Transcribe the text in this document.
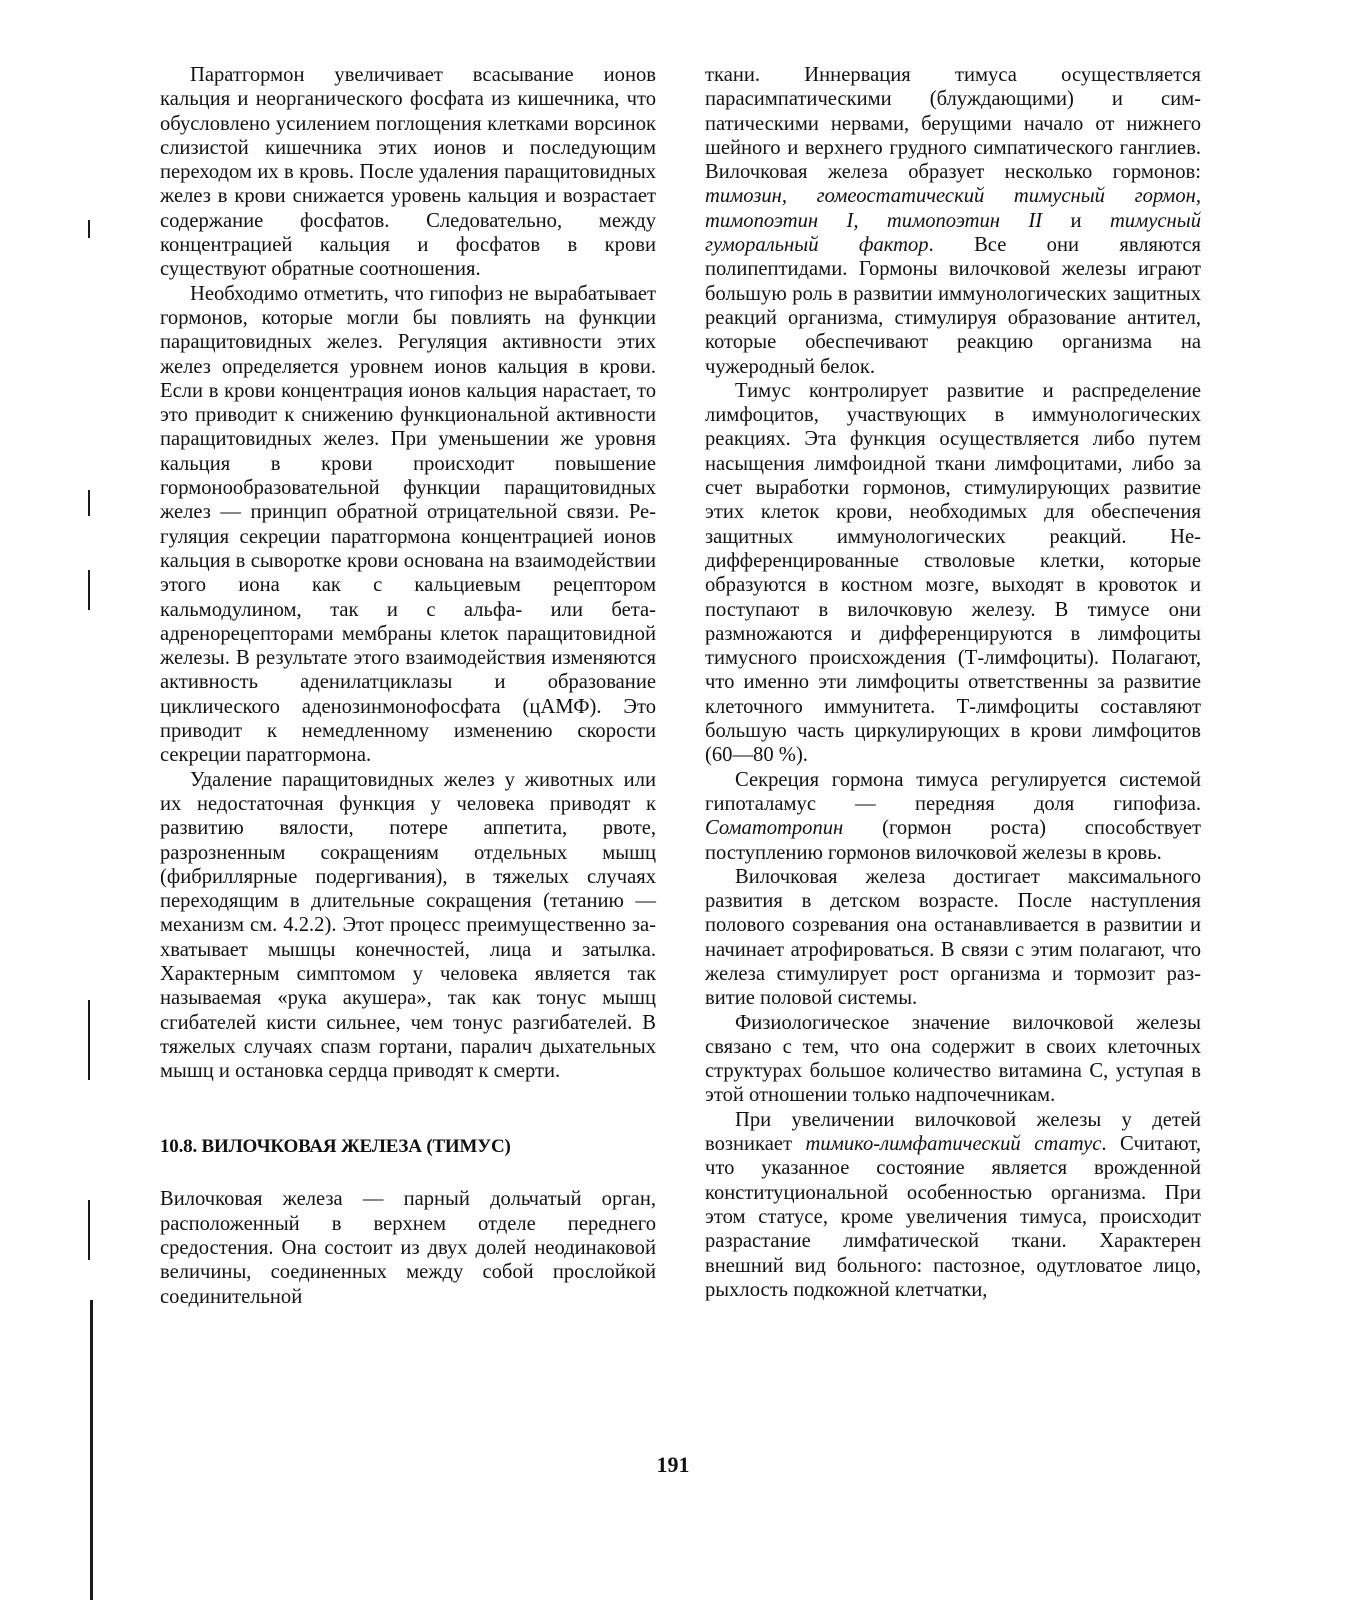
Паратгормон увеличивает всасывание ионов кальция и неорганического фосфата из кишечника, что обусловлено усилением поглощения клетками ворсинок слизистой кишечника этих ионов и последующим переходом их в кровь. После удаления паращитовидных желез в крови снижается уровень кальция и возрастает содержание фосфатов. Следовательно, между концентрацией кальция и фосфатов в крови существуют обратные соотношения.

Необходимо отметить, что гипофиз не вырабатывает гормонов, которые могли бы повлиять на функции паращитовидных желез. Регуляция активности этих желез определяется уровнем ионов кальция в крови. Если в крови концентрация ионов кальция нарастает, то это приводит к снижению функциональной активности паращитовидных желез. При уменьшении же уровня кальция в крови происходит повышение гормонообразовательной функции паращитовидных желез — принцип обратной отрицательной связи. Регуляция секреции паратгормона концентрацией ионов кальция в сыворотке крови основана на взаимодействии этого иона как с кальциевым рецептором кальмодулином, так и с альфа- или бета-адренорецепторами мембраны клеток паращитовидной железы. В результате этого взаимодействия изменяются активность аденилатциклазы и образование циклического аденозинмонофосфата (цАМФ). Это приводит к немедленному изменению скорости секреции паратгормона.

Удаление паращитовидных желез у животных или их недостаточная функция у человека приводят к развитию вялости, потере аппетита, рвоте, разрозненным сокращениям отдельных мышц (фибриллярные подергивания), в тяжелых случаях переходящим в длительные сокращения (тетанию — механизм см. 4.2.2). Этот процесс преимущественно захватывает мышцы конечностей, лица и затылка. Характерным симптомом у человека является так называемая «рука акушера», так как тонус мышц сгибателей кисти сильнее, чем тонус разгибателей. В тяжелых случаях спазм гортани, паралич дыхательных мышц и остановка сердца приводят к смерти.

10.8. ВИЛОЧКОВАЯ ЖЕЛЕЗА (ТИМУС)

Вилочковая железа — парный дольчатый орган, расположенный в верхнем отделе переднего средостения. Она состоит из двух долей неодинаковой величины, соединенных между собой прослойкой соединительной

ткани. Иннервация тимуса осуществляется парасимпатическими (блуждающими) и симпатическими нервами, берущими начало от нижнего шейного и верхнего грудного симпатического ганглиев. Вилочковая железа образует несколько гормонов: тимозин, гомеостатический тимусный гормон, тимопоэтин I, тимопоэтин II и тимусный гуморальный фактор. Все они являются полипептидами. Гормоны вилочковой железы играют большую роль в развитии иммунологических защитных реакций организма, стимулируя образование антител, которые обеспечивают реакцию организма на чужеродный белок.

Тимус контролирует развитие и распределение лимфоцитов, участвующих в иммунологических реакциях. Эта функция осуществляется либо путем насыщения лимфоидной ткани лимфоцитами, либо за счет выработки гормонов, стимулирующих развитие этих клеток крови, необходимых для обеспечения защитных иммунологических реакций. Недифференцированные стволовые клетки, которые образуются в костном мозге, выходят в кровоток и поступают в вилочковую железу. В тимусе они размножаются и дифференцируются в лимфоциты тимусного происхождения (Т-лимфоциты). Полагают, что именно эти лимфоциты ответственны за развитие клеточного иммунитета. Т-лимфоциты составляют большую часть циркулирующих в крови лимфоцитов (60—80 %).

Секреция гормона тимуса регулируется системой гипоталамус — передняя доля гипофиза. Соматотропин (гормон роста) способствует поступлению гормонов вилочковой железы в кровь.

Вилочковая железа достигает максимального развития в детском возрасте. После наступления полового созревания она останавливается в развитии и начинает атрофироваться. В связи с этим полагают, что железа стимулирует рост организма и тормозит развитие половой системы.

Физиологическое значение вилочковой железы связано с тем, что она содержит в своих клеточных структурах большое количество витамина С, уступая в этой отношении только надпочечникам.

При увеличении вилочковой железы у детей возникает тимико-лимфатический статус. Считают, что указанное состояние является врожденной конституциональной особенностью организма. При этом статусе, кроме увеличения тимуса, происходит разрастание лимфатической ткани. Характерен внешний вид больного: пастозное, одутловатое лицо, рыхлость подкожной клетчатки,

191
